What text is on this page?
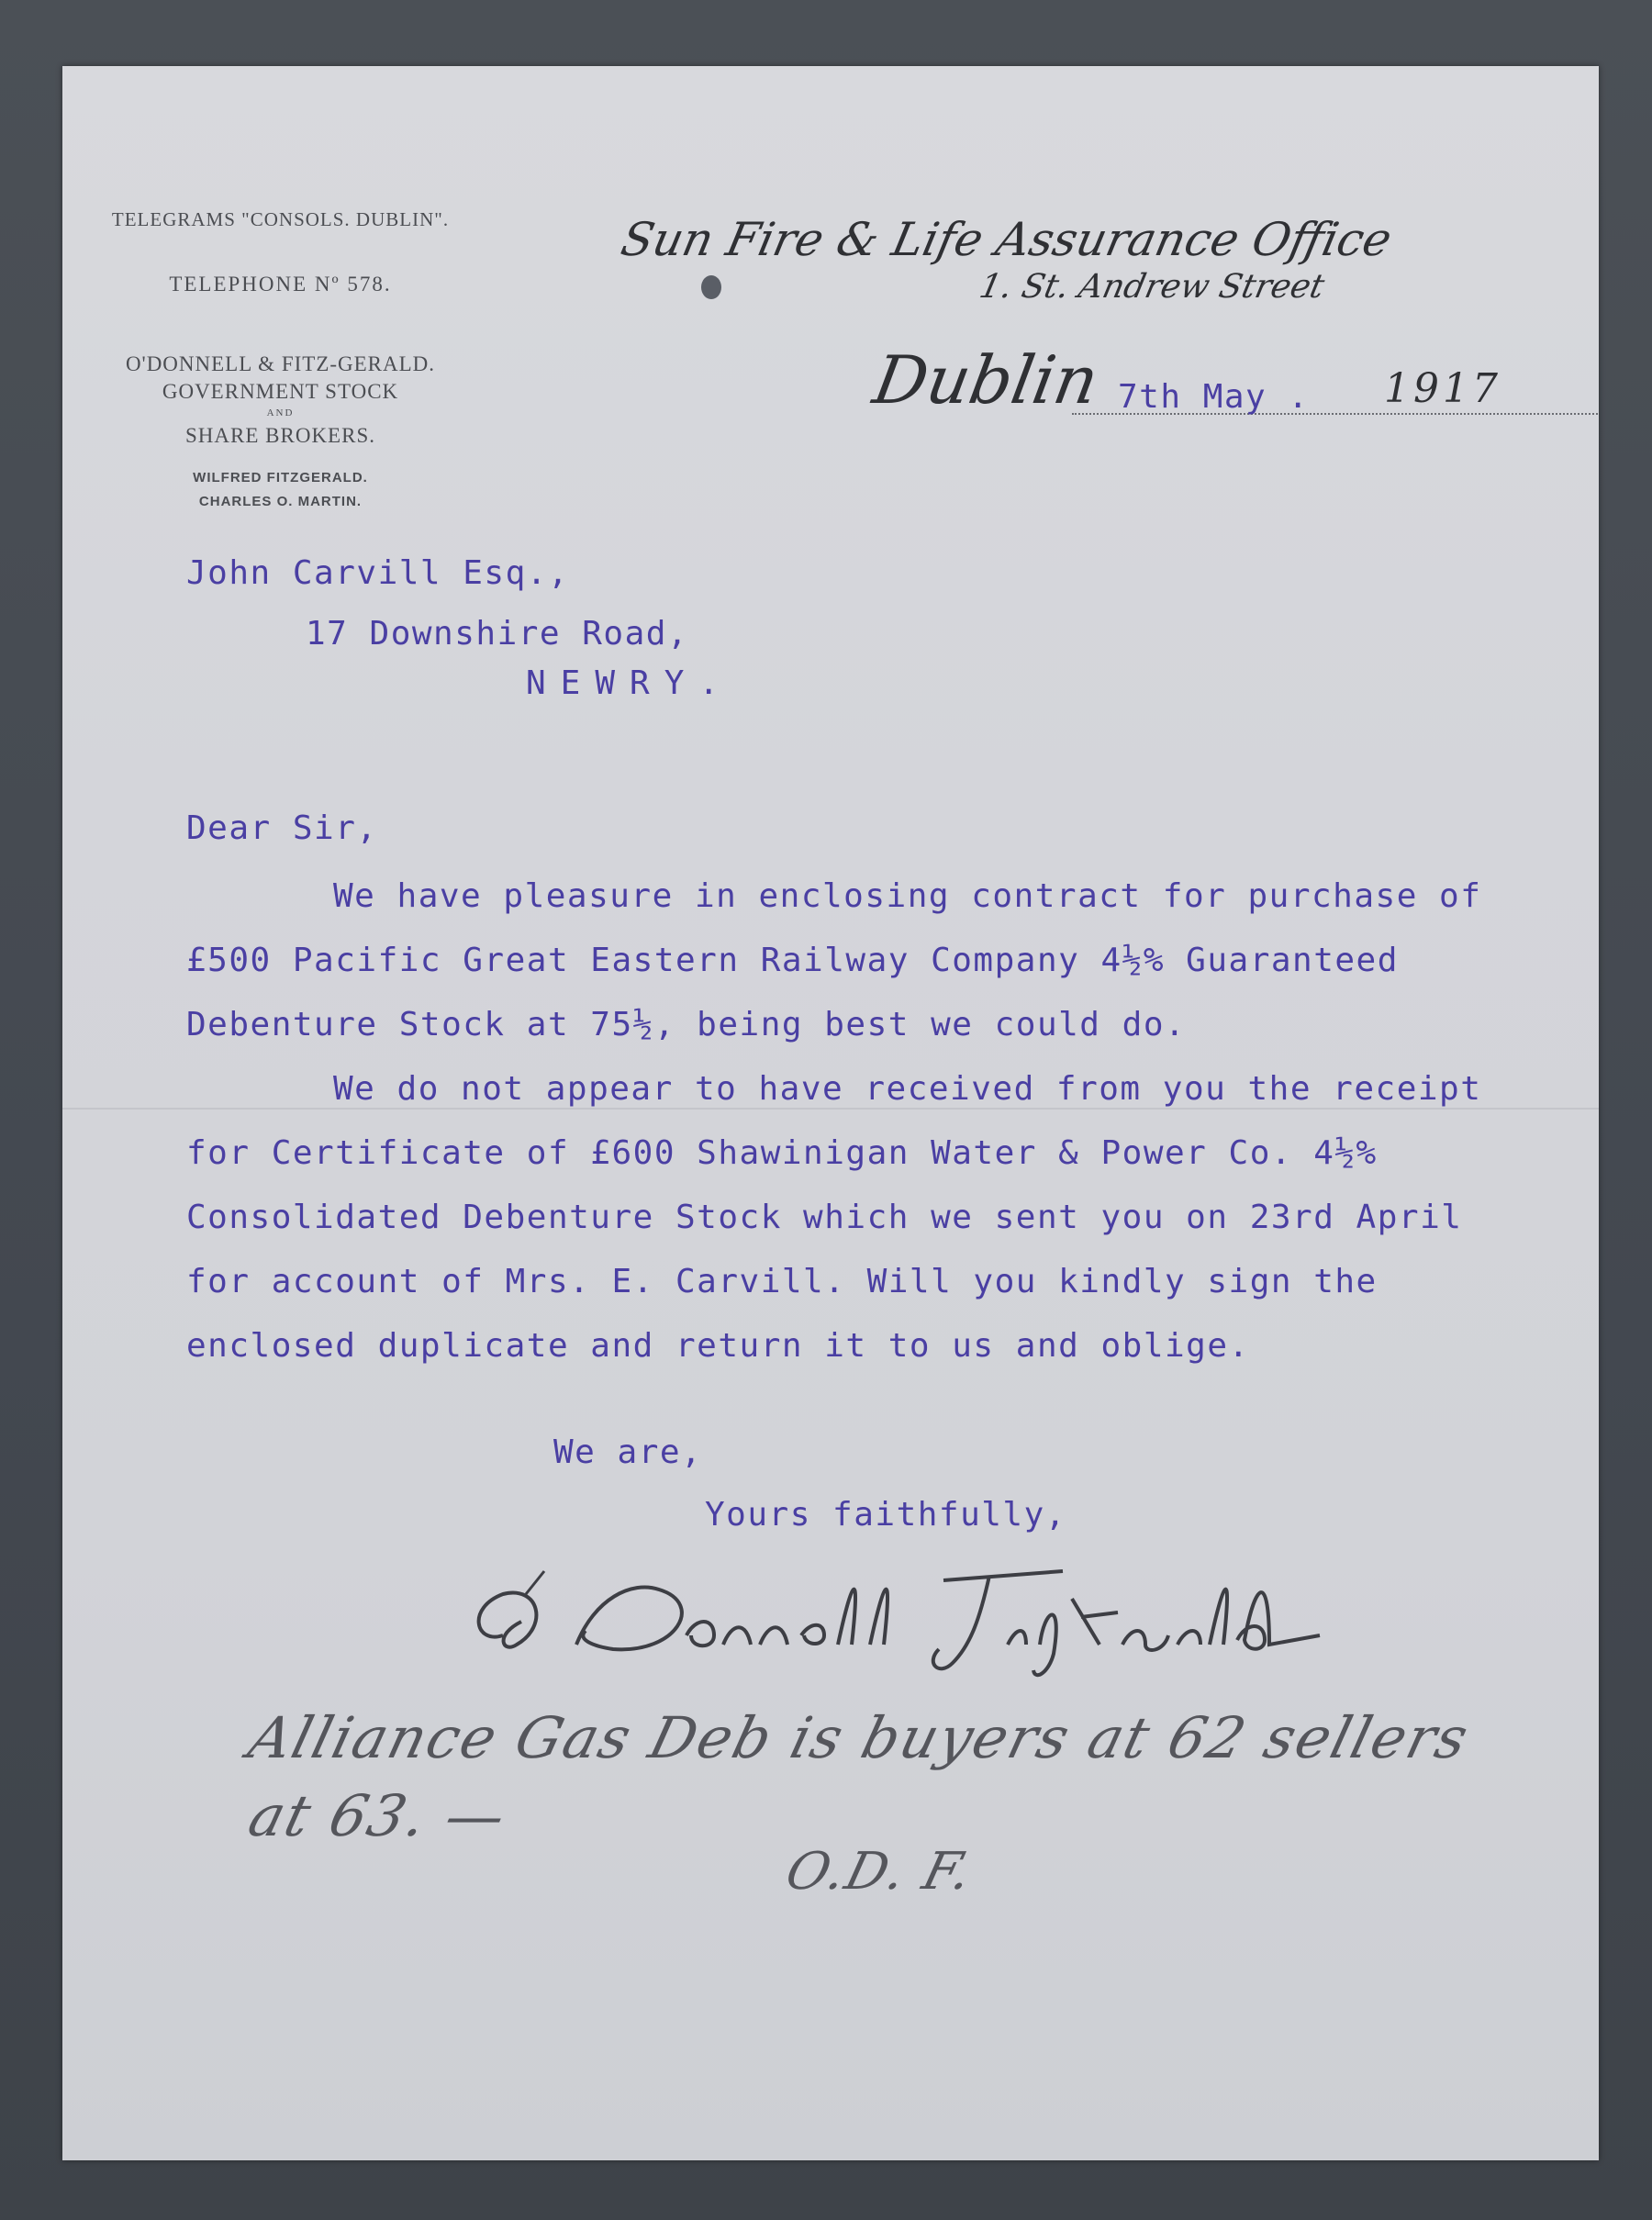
TELEGRAMS "CONSOLS. DUBLIN".
TELEPHONE Nº 578.
O'DONNELL & FITZ-GERALD.
GOVERNMENT STOCK
AND
SHARE BROKERS.
WILFRED FITZGERALD.
CHARLES O. MARTIN.
Sun Fire & Life Assurance Office
1. St. Andrew Street
Dublin 7th May . 1917
John Carvill Esq.,
17 Downshire Road,
NEWRY.
Dear Sir,
We have pleasure in enclosing contract for purchase of
£500 Pacific Great Eastern Railway Company 4½% Guaranteed
Debenture Stock at 75½, being best we could do.
We do not appear to have received from you the receipt
for Certificate of £600 Shawinigan Water & Power Co. 4½%
Consolidated Debenture Stock which we sent you on 23rd April
for account of Mrs. E. Carvill. Will you kindly sign the
enclosed duplicate and return it to us and oblige.
We are,
Yours faithfully,
Alliance Gas Deb is buyers at 62 sellers
at 63. —
O.D. F.
